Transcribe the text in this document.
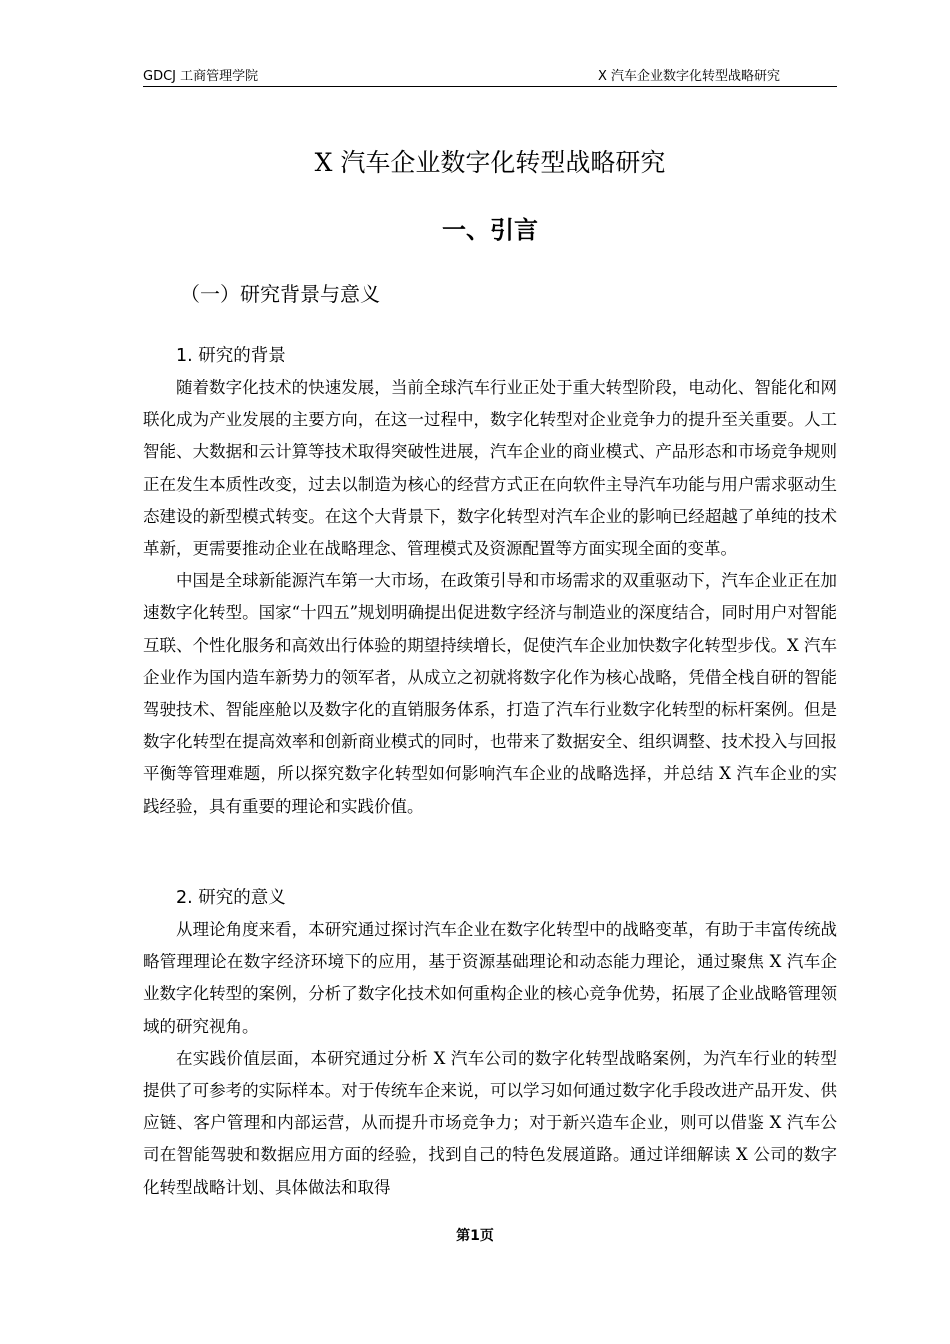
GDCJ 工商管理学院	X 汽车企业数字化转型战略研究
X 汽车企业数字化转型战略研究
一、引言
（一）研究背景与意义
1. 研究的背景

随着数字化技术的快速发展，当前全球汽车行业正处于重大转型阶段，电动化、智能化和网联化成为产业发展的主要方向，在这一过程中，数字化转型对企业竞争力的提升至关重要。人工智能、大数据和云计算等技术取得突破性进展，汽车企业的商业模式、产品形态和市场竞争规则正在发生本质性改变，过去以制造为核心的经营方式正在向软件主导汽车功能与用户需求驱动生态建设的新型模式转变。在这个大背景下，数字化转型对汽车企业的影响已经超越了单纯的技术革新，更需要推动企业在战略理念、管理模式及资源配置等方面实现全面的变革。

中国是全球新能源汽车第一大市场，在政策引导和市场需求的双重驱动下，汽车企业正在加速数字化转型。国家“十四五”规划明确提出促进数字经济与制造业的深度结合，同时用户对智能互联、个性化服务和高效出行体验的期望持续增长，促使汽车企业加快数字化转型步伐。X 汽车企业作为国内造车新势力的领军者，从成立之初就将数字化作为核心战略，凭借全栈自研的智能驾驶技术、智能座舱以及数字化的直销服务体系，打造了汽车行业数字化转型的标杆案例。但是数字化转型在提高效率和创新商业模式的同时，也带来了数据安全、组织调整、技术投入与回报平衡等管理难题，所以探究数字化转型如何影响汽车企业的战略选择，并总结 X 汽车企业的实践经验，具有重要的理论和实践价值。

2. 研究的意义

从理论角度来看，本研究通过探讨汽车企业在数字化转型中的战略变革，有助于丰富传统战略管理理论在数字经济环境下的应用，基于资源基础理论和动态能力理论，通过聚焦 X 汽车企业数字化转型的案例，分析了数字化技术如何重构企业的核心竞争优势，拓展了企业战略管理领域的研究视角。

在实践价值层面，本研究通过分析 X 汽车公司的数字化转型战略案例，为汽车行业的转型提供了可参考的实际样本。对于传统车企来说，可以学习如何通过数字化手段改进产品开发、供应链、客户管理和内部运营，从而提升市场竞争力；对于新兴造车企业，则可以借鉴 X 汽车公司在智能驾驶和数据应用方面的经验，找到自己的特色发展道路。通过详细解读 X 公司的数字化转型战略计划、具体做法和取得

第1页
